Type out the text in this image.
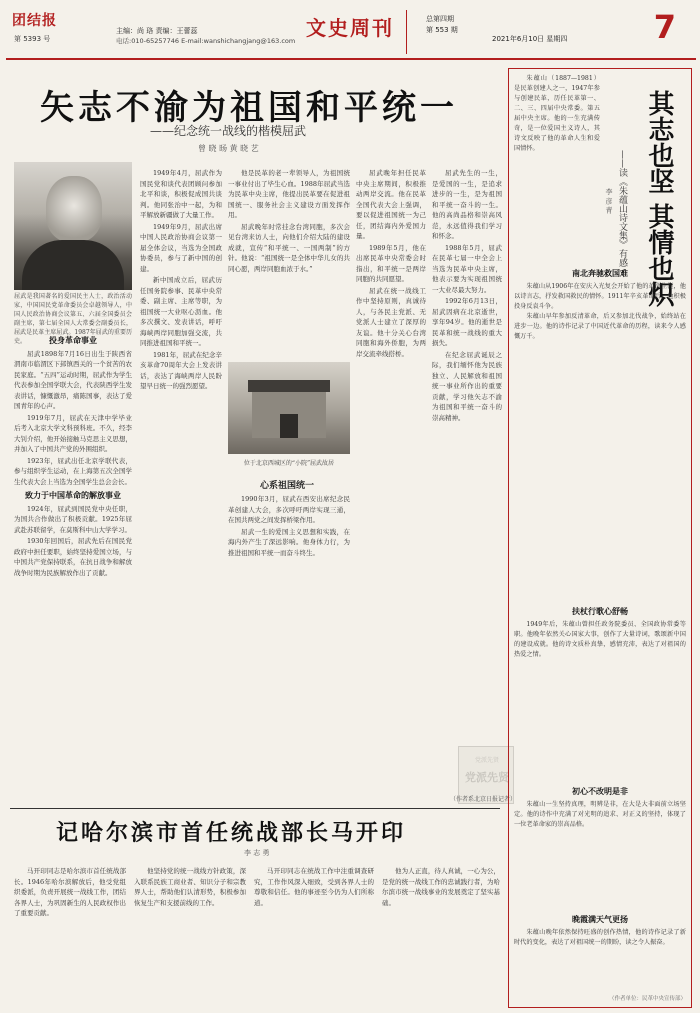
团结报
第 5393 号
主编：尚 珞 责编：王蕾蕊
电话:010-65257746 E-mail:wanshichangjang@163.com
文史周刊	总第四期
第 553 期
2021年6月10日 星期四	7
矢志不渝为祖国和平统一
——纪念统一战线的楷模屈武
曾 晓 旸 黄 晓 艺
屈武是我国著名的爱国民主人士，政治活动家，中国国民党革命委员会卓越领导人，中国人民政治协商会议第五、六届全国委员会副主席，第七届全国人大常委会副委员长，屈武是民革主席屈武。1987年屈武的重要历史。	投身革命事业

屈武1898年7月16日出生于陕西省渭南市临渭区下邽镇西关的一个贫苦的农民家庭。“五四”运动时期，屈武作为学生代表参加全国学联大会，代表陕西学生发表讲话，慷慨激昂，痛陈国事，表达了爱国青年的心声。

1919年7月，屈武在天津中学毕业后考入北京大学文科预科班。不久，经李大钊介绍，他开始接触马克思主义思想，并加入了中国共产党的外围组织。

1923年，屈武出任北京学联代表，参与组织学生运动，在上海第五次全国学生代表大会上当选为全国学生总会会长。

致力于中国革命的解放事业

1924年，屈武到国民党中央任职，为国共合作做出了积极贡献。1925年屈武赴苏联留学，在莫斯科中山大学学习。

1930年回国后，屈武先后在国民党政府中担任要职，始终坚持爱国立场，与中国共产党保持联系，在抗日战争和解放战争时期为民族解放作出了贡献。

1949年4月，屈武作为国民党和谈代表团顾问参加北平和谈，积极促成国共谈判。他同张治中一起，为和平解放新疆做了大量工作。

1949年9月，屈武出席中国人民政治协商会议第一届全体会议，当选为全国政协委员，参与了新中国的创建。

新中国成立后，屈武历任国务院参事、民革中央常委、副主席、主席等职，为祖国统一大业呕心沥血。他多次撰文、发表讲话，呼吁海峡两岸同胞加强交流，共同推进祖国和平统一。

1981年，屈武在纪念辛亥革命70周年大会上发表讲话，表达了海峡两岸人民盼望早日统一的强烈愿望。

他是民革的老一辈领导人，为祖国统一事业付出了毕生心血。1988年屈武当选为民革中央主席，他提出民革要在促进祖国统一、服务社会主义建设方面发挥作用。

屈武晚年时常挂念台湾同胞，多次会见台湾来访人士，向他们介绍大陆的建设成就，宣传“和平统一、一国两制”的方针。他说：“祖国统一是全体中华儿女的共同心愿，两岸同胞血浓于水。”

位于北京西城区的“小院”屈武故居
心系祖国统一

1990年3月，屈武在西安出席纪念民革创建人大会，多次呼吁两岸实现三通，在国共两党之间发挥桥梁作用。

屈武一生的爱国主义思想和实践，在海内外产生了深远影响。他身体力行，为推进祖国和平统一而奋斗终生。

屈武晚年担任民革中央主席期间，积极推动两岸交流。他在民革全国代表大会上强调，要以促进祖国统一为己任，团结海内外爱国力量。

1989年5月，他在出席民革中央常委会时指出，和平统一是两岸同胞的共同愿望。

屈武在统一战线工作中坚持原则，真诚待人，与各民主党派、无党派人士建立了深厚的友谊。他十分关心台湾同胞和海外侨胞，为两岸交流牵线搭桥。

屈武先生的一生，是爱国的一生，是追求进步的一生，是为祖国和平统一奋斗的一生。他的高尚品格和崇高风范，永远值得我们学习和怀念。

1988年5月，屈武在民革七届一中全会上当选为民革中央主席，他表示要为实现祖国统一大业尽最大努力。

1992年6月13日，屈武因病在北京逝世，享年94岁。他的逝世是民革和统一战线的重大损失。

在纪念屈武诞辰之际，我们缅怀他为民族独立、人民解放和祖国统一事业所作出的重要贡献，学习他矢志不渝为祖国和平统一奋斗的崇高精神。

党派先贤
党派先贤
（作者系北京日报记者）
记哈尔滨市首任统战部长马开印
李 志 勇

马开印同志是哈尔滨市首任统战部长。1946年哈尔滨解放后，他受党组织委派，负责开展统一战线工作，团结各界人士，为巩固新生的人民政权作出了重要贡献。

他坚持党的统一战线方针政策，深入联系民族工商业者、知识分子和宗教界人士，帮助他们认清形势，积极参加恢复生产和支援前线的工作。

马开印同志在统战工作中注重调查研究，工作作风深入细致，受到各界人士的尊敬和信任。他的事迹至今仍为人们所称道。

他为人正直，待人真诚，一心为公，是党的统一战线工作的忠诚践行者，为哈尔滨市统一战线事业的发展奠定了坚实基础。

朱蕴山（1887—1981）是民革创建人之一，1947年参与创建民革，历任民革第一、二、三、四届中央常委。第五届中央主席。他的一生充满传奇，是一位爱国主义诗人，其诗文反映了他的革命人生和爱国情怀。	其志也坚 其情也炽
——读《朱蕴山诗文集》有感
李 彦 青
南北奔驰救国难

朱蕴山从1906年在安庆入光复会开始了他的革命生涯，他以诗言志，抒发救国救民的情怀。1911年辛亥革命后，他积极投身反袁斗争。

朱蕴山早年参加反清革命，后又参加北伐战争，始终站在进步一边。他的诗作记录了中国近代革命的历程，读来令人感慨万千。

扶杖行歌心舒畅

1949年后，朱蕴山曾担任政务院委员、全国政协常委等职。他晚年依然关心国家大事，创作了大量诗词，歌颂新中国的建设成就。他的诗文质朴真挚，感情充沛，表达了对祖国的热爱之情。

初心不改明是非

朱蕴山一生坚持真理，明辨是非，在大是大非面前立场坚定。他的诗作中充满了对光明的追求、对正义的坚持，体现了一位老革命家的崇高品格。

晚霞满天气更扬

朱蕴山晚年依然保持旺盛的创作热情，他的诗作记录了新时代的变化，表达了对祖国统一的期盼，读之令人振奋。

（作者单位：民革中央宣传部）
